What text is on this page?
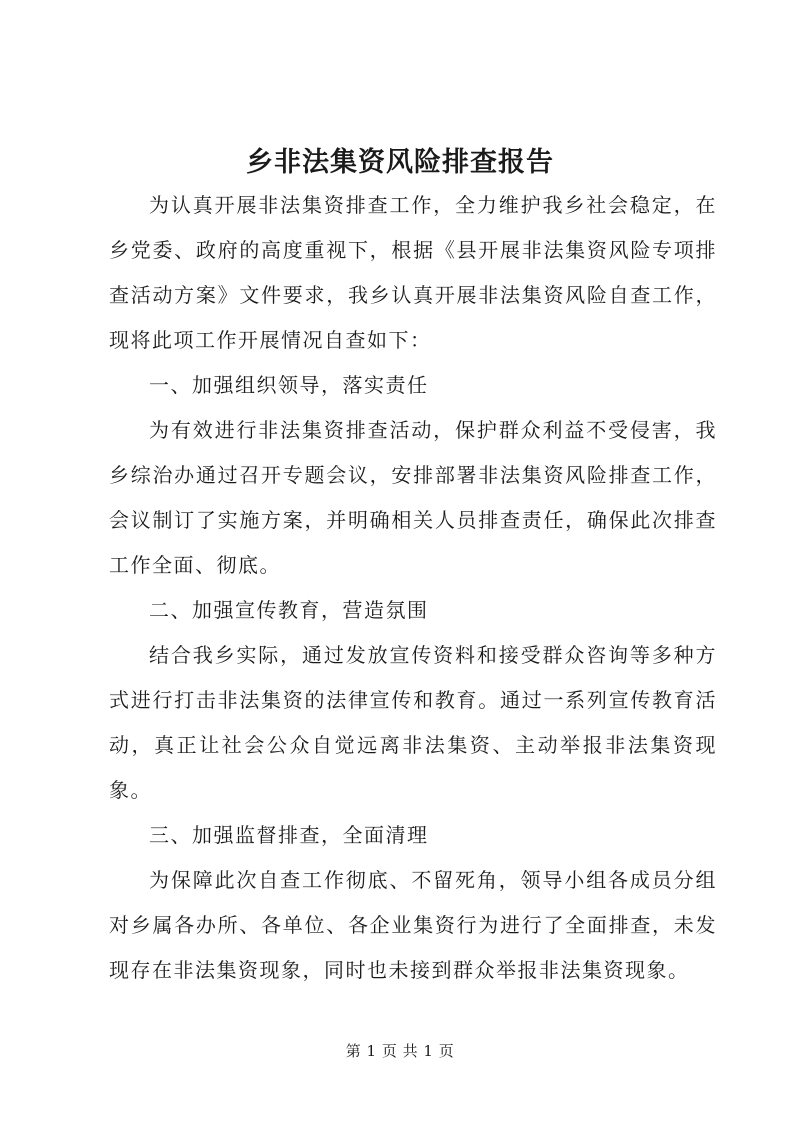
乡非法集资风险排查报告

为认真开展非法集资排查工作，全力维护我乡社会稳定，在乡党委、政府的高度重视下，根据《县开展非法集资风险专项排查活动方案》文件要求，我乡认真开展非法集资风险自查工作，现将此项工作开展情况自查如下：

一、加强组织领导，落实责任

为有效进行非法集资排查活动，保护群众利益不受侵害，我乡综治办通过召开专题会议，安排部署非法集资风险排查工作，会议制订了实施方案，并明确相关人员排查责任，确保此次排查工作全面、彻底。

二、加强宣传教育，营造氛围

结合我乡实际，通过发放宣传资料和接受群众咨询等多种方式进行打击非法集资的法律宣传和教育。通过一系列宣传教育活动，真正让社会公众自觉远离非法集资、主动举报非法集资现象。

三、加强监督排查，全面清理

为保障此次自查工作彻底、不留死角，领导小组各成员分组对乡属各办所、各单位、各企业集资行为进行了全面排查，未发现存在非法集资现象，同时也未接到群众举报非法集资现象。

第 1 页 共 1 页
